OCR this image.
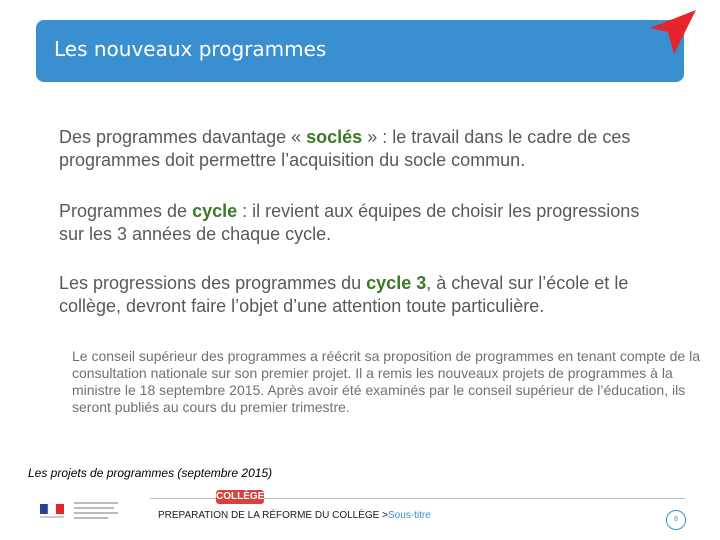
Les nouveaux programmes
Des programmes davantage « soclés » : le travail dans le cadre de ces programmes doit permettre l’acquisition du socle commun.
Programmes de cycle : il revient aux équipes de choisir les progressions sur les 3 années de chaque cycle.
Les progressions des programmes du cycle 3, à cheval sur l’école et le collège, devront faire l’objet d’une attention toute particulière.
Le conseil supérieur des programmes a réécrit sa proposition de programmes en tenant compte de la consultation nationale sur son premier projet. Il a remis les nouveaux projets de programmes à la ministre le 18 septembre 2015. Après avoir été examinés par le conseil supérieur de l’éducation, ils seront publiés au cours du premier trimestre.
Les projets de programmes (septembre 2015)
COLLÈGE
PREPARATION DE LA RÉFORME DU COLLÈGE >Sous-titre	8
